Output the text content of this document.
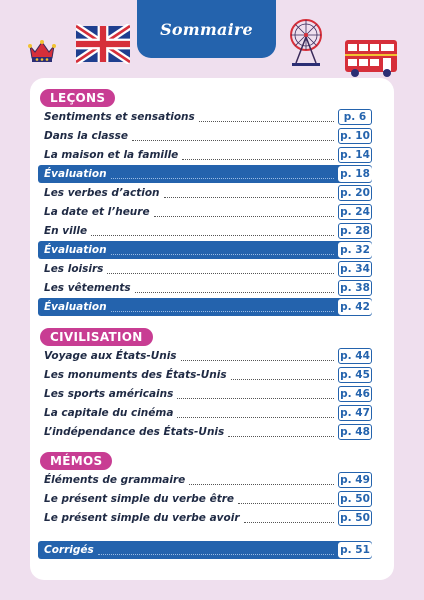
Sommaire
LEÇONS
Sentiments et sensations	p. 6
Dans la classe	p. 10
La maison et la famille	p. 14
Évaluation	p. 18
Les verbes d’action	p. 20
La date et l’heure	p. 24
En ville	p. 28
Évaluation	p. 32
Les loisirs	p. 34
Les vêtements	p. 38
Évaluation	p. 42
CIVILISATION
Voyage aux États-Unis	p. 44
Les monuments des États-Unis	p. 45
Les sports américains	p. 46
La capitale du cinéma	p. 47
L’indépendance des États-Unis	p. 48
MÉMOS
Éléments de grammaire	p. 49
Le présent simple du verbe être	p. 50
Le présent simple du verbe avoir	p. 50
Corrigés	p. 51
